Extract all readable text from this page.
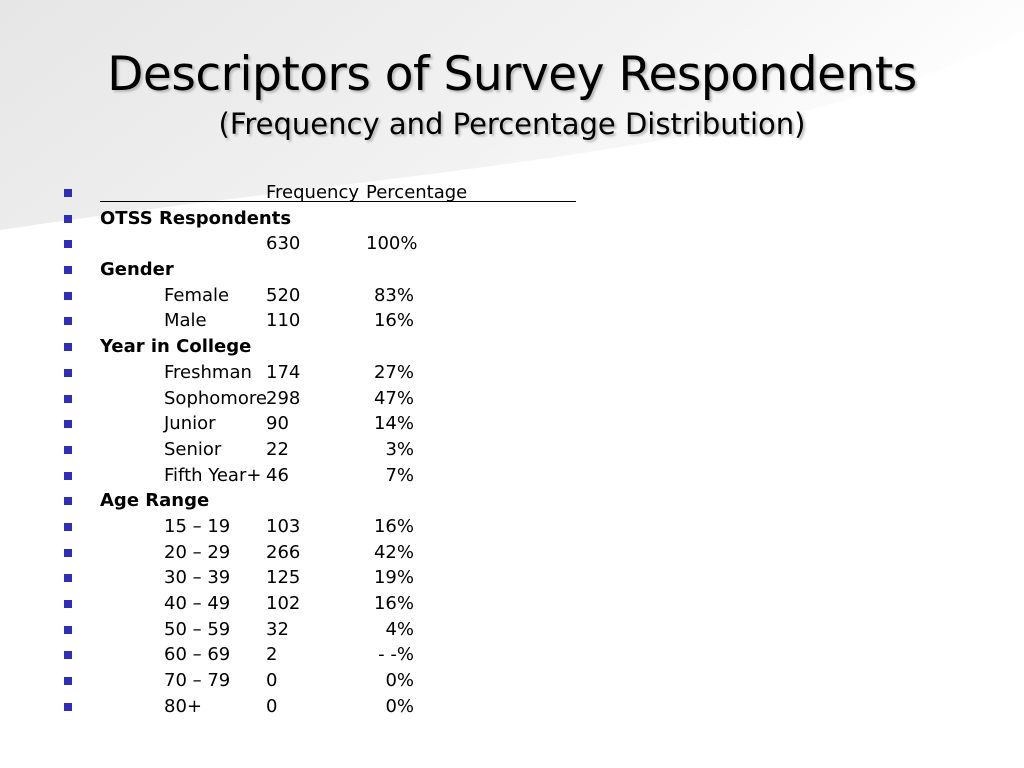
Descriptors of Survey Respondents
(Frequency and Percentage Distribution)
Frequency Percentage
OTSS Respondents
630	100%
Gender
Female 520	83%
Male	110	16%
Year in College
Freshman 174	27%
Sophomore 298	47%
Junior	90	14%
Senior 22	3%
Fifth Year+ 46	7%
Age Range
15 – 19 103	16%
20 – 29 266	42%
30 – 39 125	19%
40 – 49 102	16%
50 – 59 32	4%
60 – 69 2	- -%
70 – 79 0	0%
80+	0	0%
